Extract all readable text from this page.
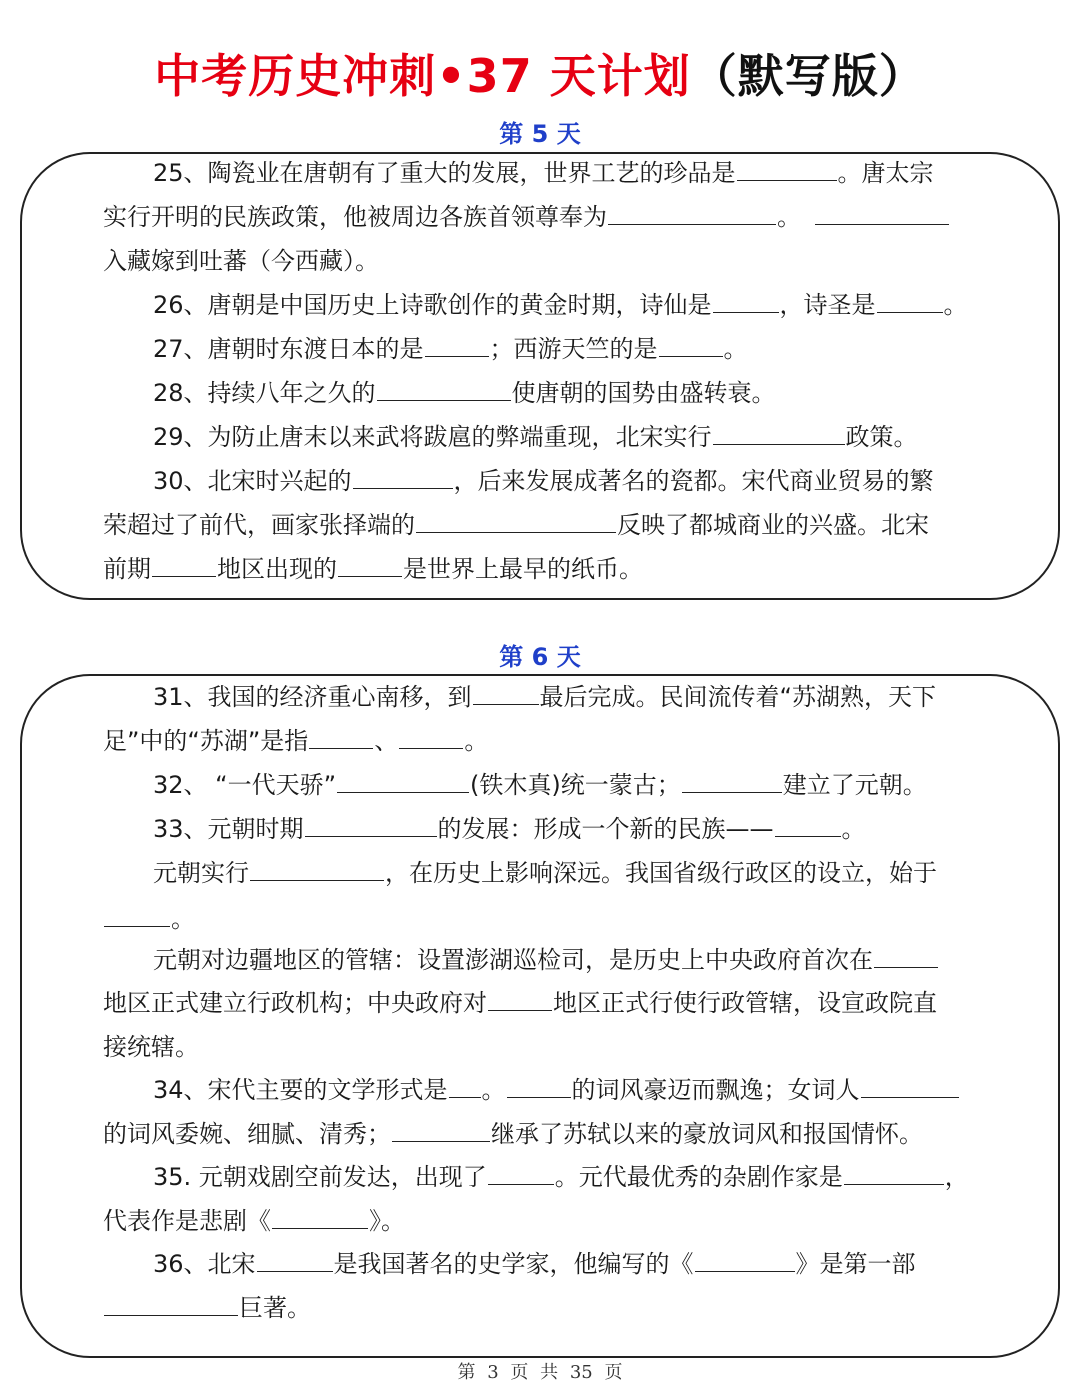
中考历史冲刺•37 天计划（默写版）
第 5 天
25、陶瓷业在唐朝有了重大的发展，世界工艺的珍品是	。唐太宗
实行开明的民族政策，他被周边各族首领尊奉为	。
入藏嫁到吐蕃（今西藏）。
26、唐朝是中国历史上诗歌创作的黄金时期，诗仙是	，诗圣是	。
27、唐朝时东渡日本的是	；西游天竺的是	。
28、持续八年之久的	使唐朝的国势由盛转衰。
29、为防止唐末以来武将跋扈的弊端重现，北宋实行	政策。
30、北宋时兴起的	，后来发展成著名的瓷都。宋代商业贸易的繁
荣超过了前代，画家张择端的	反映了都城商业的兴盛。北宋
前期	地区出现的	是世界上最早的纸币。
第 6 天
31、我国的经济重心南移，到	最后完成。民间流传着“苏湖熟，天下
足”中的“苏湖”是指	、	。
32、 “一代天骄”	(铁木真)统一蒙古；	建立了元朝。
33、元朝时期	的发展：形成一个新的民族——	。
元朝实行	，在历史上影响深远。我国省级行政区的设立，始于
。
元朝对边疆地区的管辖：设置澎湖巡检司，是历史上中央政府首次在
地区正式建立行政机构；中央政府对	地区正式行使行政管辖，设宣政院直
接统辖。
34、宋代主要的文学形式是 。	的词风豪迈而飘逸；女词人
的词风委婉、细腻、清秀；	继承了苏轼以来的豪放词风和报国情怀。
35. 元朝戏剧空前发达，出现了	。元代最优秀的杂剧作家是	，
代表作是悲剧《	》。
36、北宋	是我国著名的史学家，他编写的《	》是第一部
巨著。
第 3 页 共 35 页
